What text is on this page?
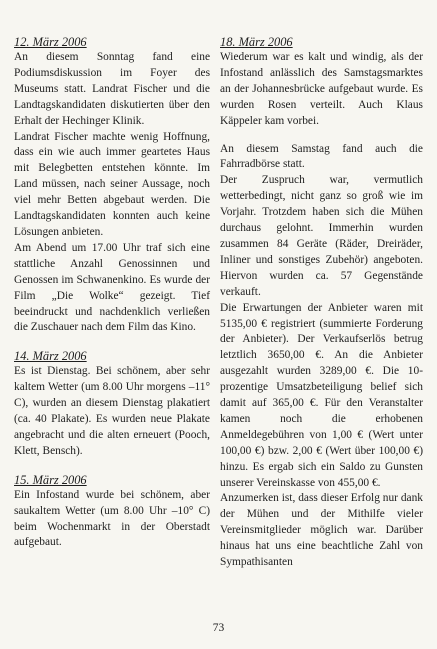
12. März 2006

An diesem Sonntag fand eine Podiumsdiskussion im Foyer des Museums statt. Landrat Fischer und die Landtagskandidaten diskutierten über den Erhalt der Hechinger Klinik.

Landrat Fischer machte wenig Hoffnung, dass ein wie auch immer geartetes Haus mit Belegbetten entstehen könnte. Im Land müssen, nach seiner Aussage, noch viel mehr Betten abgebaut werden. Die Landtagskandidaten konnten auch keine Lösungen anbieten.

Am Abend um 17.00 Uhr traf sich eine stattliche Anzahl Genossinnen und Genossen im Schwanenkino. Es wurde der Film „Die Wolke“ gezeigt. Tief beeindruckt und nachdenklich verließen die Zuschauer nach dem Film das Kino.

14. März 2006

Es ist Dienstag. Bei schönem, aber sehr kaltem Wetter (um 8.00 Uhr morgens –11° C), wurden an diesem Dienstag plakatiert (ca. 40 Plakate). Es wurden neue Plakate angebracht und die alten erneuert (Pooch, Klett, Bensch).

15. März 2006

Ein Infostand wurde bei schönem, aber saukaltem Wetter (um 8.00 Uhr –10° C) beim Wochenmarkt in der Oberstadt aufgebaut.

18. März 2006

Wiederum war es kalt und windig, als der Infostand anlässlich des Samstagsmarktes an der Johannesbrücke aufgebaut wurde. Es wurden Rosen verteilt. Auch Klaus Käppeler kam vorbei.

An diesem Samstag fand auch die Fahrradbörse statt.

Der Zuspruch war, vermutlich wetterbedingt, nicht ganz so groß wie im Vorjahr. Trotzdem haben sich die Mühen durchaus gelohnt. Immerhin wurden zusammen 84 Geräte (Räder, Dreiräder, Inliner und sonstiges Zubehör) angeboten. Hiervon wurden ca. 57 Gegenstände verkauft.

Die Erwartungen der Anbieter waren mit 5135,00 € registriert (summierte Forderung der Anbieter). Der Verkaufserlös betrug letztlich 3650,00 €. An die Anbieter ausgezahlt wurden 3289,00 €. Die 10-prozentige Umsatzbeteiligung belief sich damit auf 365,00 €. Für den Veranstalter kamen noch die erhobenen Anmeldegebühren von 1,00 € (Wert unter 100,00 €) bzw. 2,00 € (Wert über 100,00 €) hinzu. Es ergab sich ein Saldo zu Gunsten unserer Vereinskasse von 455,00 €.

Anzumerken ist, dass dieser Erfolg nur dank der Mühen und der Mithilfe vieler Vereinsmitglieder möglich war. Darüber hinaus hat uns eine beachtliche Zahl von Sympathisanten

73
